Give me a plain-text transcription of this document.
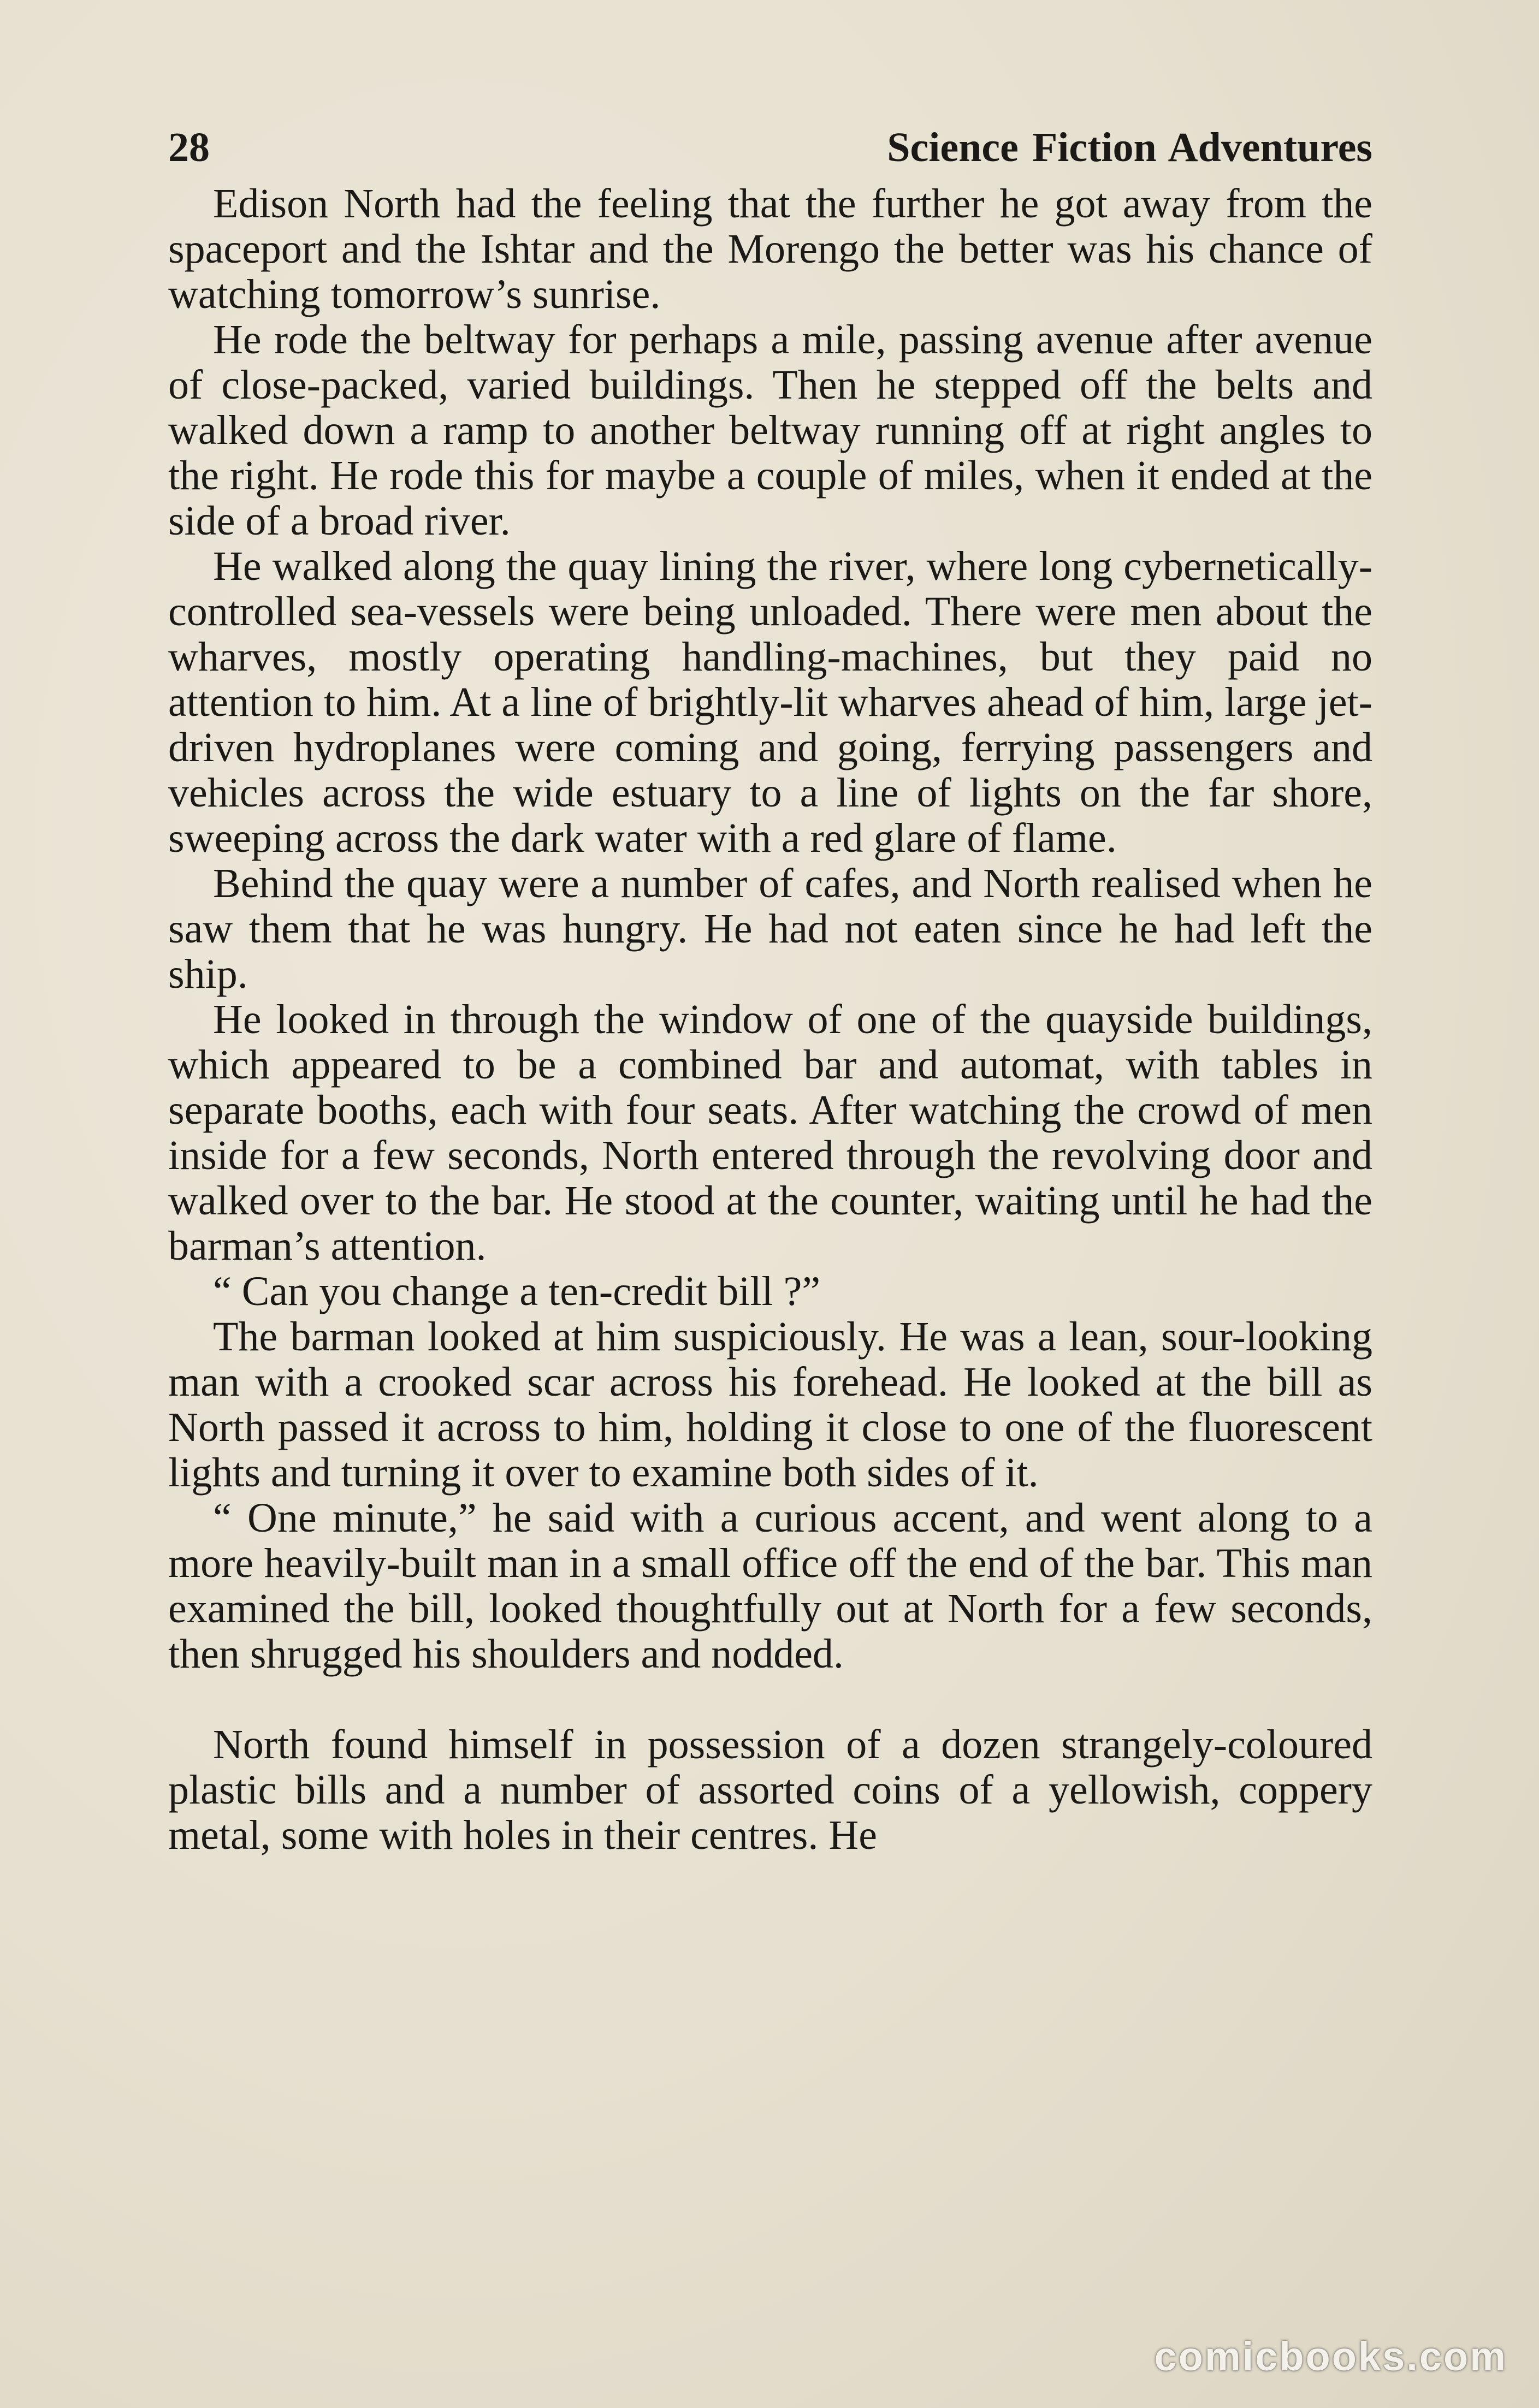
28	Science Fiction Adventures

Edison North had the feeling that the further he got away from the spaceport and the Ishtar and the Morengo the better was his chance of watching tomorrow’s sunrise.

He rode the beltway for perhaps a mile, passing avenue after avenue of close-packed, varied buildings. Then he stepped off the belts and walked down a ramp to another beltway running off at right angles to the right. He rode this for maybe a couple of miles, when it ended at the side of a broad river.

He walked along the quay lining the river, where long cybernetically-controlled sea-vessels were being unloaded. There were men about the wharves, mostly operating handling-machines, but they paid no attention to him. At a line of brightly-lit wharves ahead of him, large jet-driven hydroplanes were coming and going, ferrying passengers and vehicles across the wide estuary to a line of lights on the far shore, sweeping across the dark water with a red glare of flame.

Behind the quay were a number of cafes, and North realised when he saw them that he was hungry. He had not eaten since he had left the ship.

He looked in through the window of one of the quayside buildings, which appeared to be a combined bar and automat, with tables in separate booths, each with four seats. After watching the crowd of men inside for a few seconds, North entered through the revolving door and walked over to the bar. He stood at the counter, waiting until he had the barman’s attention.

“ Can you change a ten-credit bill ?”

The barman looked at him suspiciously. He was a lean, sour-looking man with a crooked scar across his forehead. He looked at the bill as North passed it across to him, holding it close to one of the fluorescent lights and turning it over to examine both sides of it.

“ One minute,” he said with a curious accent, and went along to a more heavily-built man in a small office off the end of the bar. This man examined the bill, looked thoughtfully out at North for a few seconds, then shrugged his shoulders and nodded.

North found himself in possession of a dozen strangely-coloured plastic bills and a number of assorted coins of a yellowish, coppery metal, some with holes in their centres. He

comicbooks.com
